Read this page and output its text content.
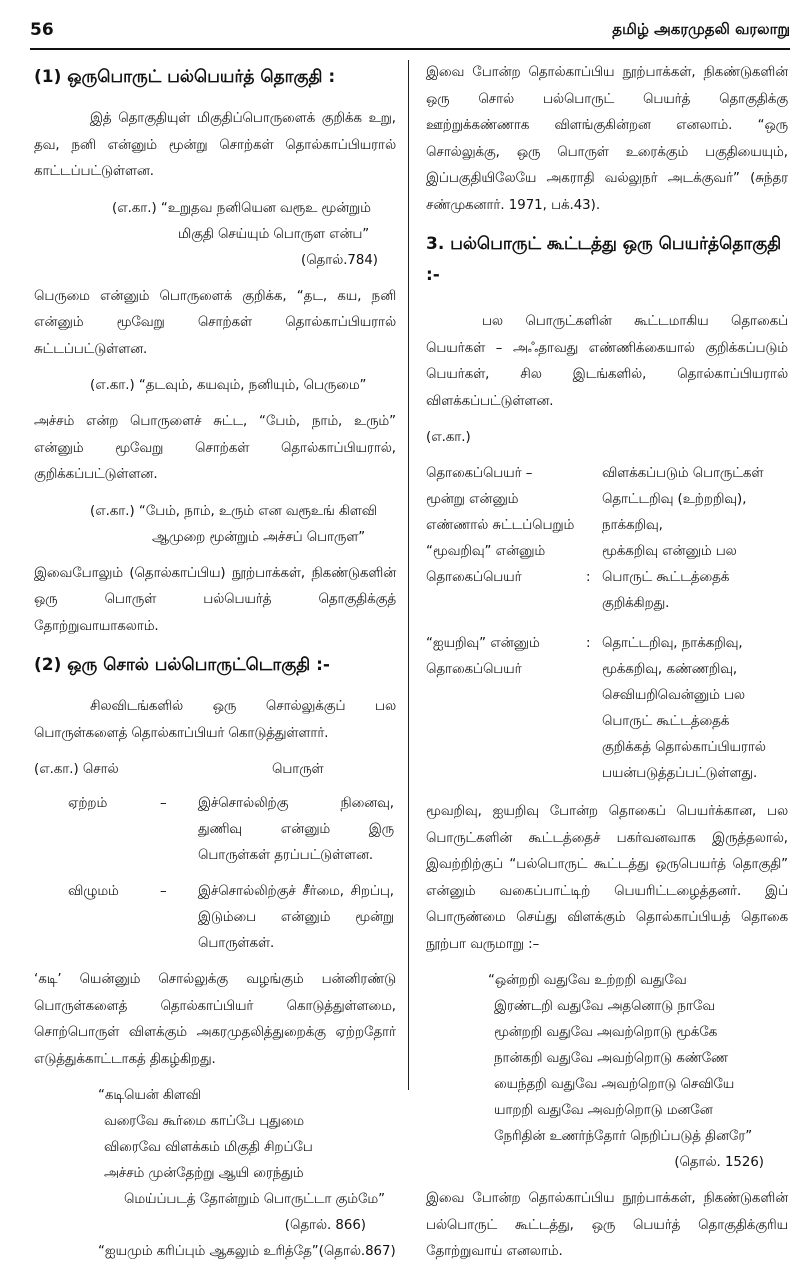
56	தமிழ் அகரமுதலி வரலாறு
(1) ஒருபொருட் பல்பெயர்த் தொகுதி :

இத் தொகுதியுள் மிகுதிப்பொருளைக் குறிக்க உறு, தவ, நனி என்னும் மூன்று சொற்கள் தொல்காப்பியரால் காட்டப்பட்டுள்ளன.

(எ.கா.) “உறுதவ நனியென வரூஉ மூன்றும்
மிகுதி செய்யும் பொருள என்ப”
(தொல்.784)

பெருமை என்னும் பொருளைக் குறிக்க, “தட, கய, நனி என்னும் மூவேறு சொற்கள் தொல்காப்பியரால் சுட்டப்பட்டுள்ளன.

(எ.கா.) “தடவும், கயவும், நனியும், பெருமை”

அச்சம் என்ற பொருளைச் சுட்ட, “பேம், நாம், உரும்” என்னும் மூவேறு சொற்கள் தொல்காப்பியரால், குறிக்கப்பட்டுள்ளன.

(எ.கா.) “பேம், நாம், உரும் என வரூஉங் கிளவி
ஆமுறை மூன்றும் அச்சப் பொருள”

இவைபோலும் (தொல்காப்பிய) நூற்பாக்கள், நிகண்டுகளின் ஒரு பொருள் பல்பெயர்த் தொகுதிக்குத் தோற்றுவாயாகலாம்.

(2) ஒரு சொல் பல்பொருட்டொகுதி :-

சிலவிடங்களில் ஒரு சொல்லுக்குப் பல பொருள்களைத் தொல்காப்பியர் கொடுத்துள்ளார்.

(எ.கா.) சொல்	பொருள்
ஏற்றம்	–	இச்சொல்லிற்கு நினைவு, துணிவு என்னும் இரு பொருள்கள் தரப்பட்டுள்ளன.
விழுமம்	–	இச்சொல்லிற்குச் சீர்மை, சிறப்பு, இடும்பை என்னும் மூன்று பொருள்கள்.

‘கடி’ யென்னும் சொல்லுக்கு வழங்கும் பன்னிரண்டு பொருள்களைத் தொல்காப்பியர் கொடுத்துள்ளமை, சொற்பொருள் விளக்கும் அகரமுதலித்துறைக்கு ஏற்றதோர் எடுத்துக்காட்டாகத் திகழ்கிறது.

“கடியென் கிளவி
வரைவே கூர்மை காப்பே புதுமை
விரைவே விளக்கம் மிகுதி சிறப்பே
அச்சம் முன்தேற்று ஆயி ரைந்தும்
மெய்ப்படத் தோன்றும் பொருட்டா கும்மே”
(தொல். 866)
“ஐயமும் கரிப்பும் ஆகலும் உரித்தே”(தொல்.867)

இவை போன்ற தொல்காப்பிய நூற்பாக்கள், நிகண்டுகளின் ஒரு சொல் பல்பொருட் பெயர்த் தொகுதிக்கு ஊற்றுக்கண்ணாக விளங்குகின்றன எனலாம். “ஒரு சொல்லுக்கு, ஒரு பொருள் உரைக்கும் பகுதியையும், இப்பகுதியிலேயே அகராதி வல்லுநர் அடக்குவர்” (சுந்தர சண்முகனார். 1971, பக்.43).

3. பல்பொருட் கூட்டத்து ஒரு பெயர்த்தொகுதி :-

பல பொருட்களின் கூட்டமாகிய தொகைப் பெயர்கள் – அஃதாவது எண்ணிக்கையால் குறிக்கப்படும் பெயர்கள், சில இடங்களில், தொல்காப்பியரால் விளக்கப்பட்டுள்ளன.

(எ.கா.)
தொகைப்பெயர் –	விளக்கப்படும் பொருட்கள்
மூன்று என்னும்	தொட்டறிவு (உற்றறிவு),
எண்ணால் சுட்டப்பெறும்	நாக்கறிவு,
“மூவறிவு” என்னும்	மூக்கறிவு என்னும் பல
தொகைப்பெயர்	: பொருட் கூட்டத்தைக்
குறிக்கிறது.
“ஐயறிவு” என்னும்	: தொட்டறிவு, நாக்கறிவு,
தொகைப்பெயர்	மூக்கறிவு, கண்ணறிவு,
செவியறிவென்னும் பல
பொருட் கூட்டத்தைக்
குறிக்கத் தொல்காப்பியரால்
பயன்படுத்தப்பட்டுள்ளது.

மூவறிவு, ஐயறிவு போன்ற தொகைப் பெயர்க்கான, பல பொருட்களின் கூட்டத்தைச் பகர்வனவாக இருத்தலால், இவற்றிற்குப் “பல்பொருட் கூட்டத்து ஒருபெயர்த் தொகுதி” என்னும் வகைப்பாட்டிற் பெயரிட்டழைத்தனர். இப் பொருண்மை செய்து விளக்கும் தொல்காப்பியத் தொகை நூற்பா வருமாறு :–

“ஒன்றறி வதுவே உற்றறி வதுவே
இரண்டறி வதுவே அதனொடு நாவே
மூன்றறி வதுவே அவற்றொடு மூக்கே
நான்கறி வதுவே அவற்றொடு கண்ணே
யைந்தறி வதுவே அவற்றொடு செவியே
யாறறி வதுவே அவற்றொடு மனனே
நேரிதின் உணர்ந்தோர் நெறிப்படுத் தினரே”
(தொல். 1526)

இவை போன்ற தொல்காப்பிய நூற்பாக்கள், நிகண்டுகளின் பல்பொருட் கூட்டத்து, ஒரு பெயர்த் தொகுதிக்குரிய தோற்றுவாய் எனலாம்.
